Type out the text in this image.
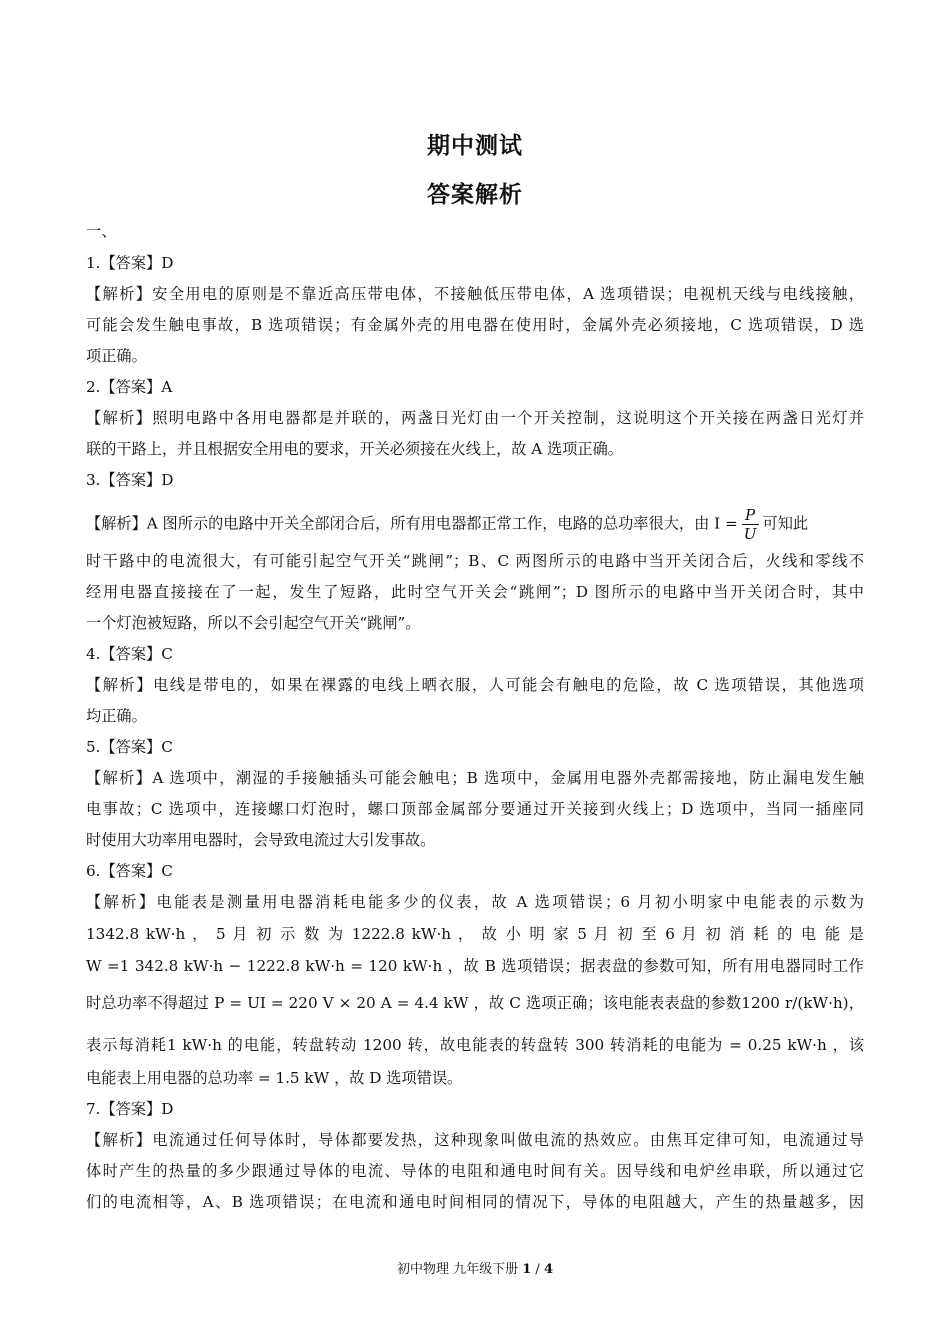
期中测试
答案解析
一、
1.【答案】D
【解析】安全用电的原则是不靠近高压带电体，不接触低压带电体，A 选项错误；电视机天线与电线接触，
可能会发生触电事故，B 选项错误；有金属外壳的用电器在使用时，金属外壳必须接地，C 选项错误，D 选
项正确。
2.【答案】A
【解析】照明电路中各用电器都是并联的，两盏日光灯由一个开关控制，这说明这个开关接在两盏日光灯并
联的干路上，并且根据安全用电的要求，开关必须接在火线上，故 A 选项正确。
3.【答案】D
【解析】A 图所示的电路中开关全部闭合后，所有用电器都正常工作，电路的总功率很大，由 $I = \frac{P}{U}$ 可知此
时干路中的电流很大，有可能引起空气开关“跳闸”；B、C 两图所示的电路中当开关闭合后，火线和零线不
经用电器直接接在了一起，发生了短路，此时空气开关会“跳闸”；D 图所示的电路中当开关闭合时，其中
一个灯泡被短路，所以不会引起空气开关“跳闸”。
4.【答案】C
【解析】电线是带电的，如果在裸露的电线上晒衣服，人可能会有触电的危险，故 C 选项错误，其他选项
均正确。
5.【答案】C
【解析】A 选项中，潮湿的手接触插头可能会触电；B 选项中，金属用电器外壳都需接地，防止漏电发生触
电事故；C 选项中，连接螺口灯泡时，螺口顶部金属部分要通过开关接到火线上；D 选项中，当同一插座同
时使用大功率用电器时，会导致电流过大引发事故。
6.【答案】C
【解析】电能表是测量用电器消耗电能多少的仪表，故 A 选项错误；6 月初小明家中电能表的示数为
1342.8 kW·h ， 5 月 初 示 数 为 1222.8 kW·h ， 故 小 明 家 5 月 初 至 6 月 初 消 耗 的 电 能 是
W =1 342.8 kW·h − 1222.8 kW·h = 120 kW·h ，故 B 选项错误；据表盘的参数可知，所有用电器同时工作
时总功率不得超过 P = UI = 220 V × 20 A = 4.4 kW ，故 C 选项正确；该电能表表盘的参数1200 r/(kW·h)，
表示每消耗1 kW·h 的电能，转盘转动 1200 转，故电能表的转盘转 300 转消耗的电能为 = 0.25 kW·h ，该
电能表上用电器的总功率 = 1.5 kW ，故 D 选项错误。
7.【答案】D
【解析】电流通过任何导体时，导体都要发热，这种现象叫做电流的热效应。由焦耳定律可知，电流通过导
体时产生的热量的多少跟通过导体的电流、导体的电阻和通电时间有关。因导线和电炉丝串联，所以通过它
们的电流相等，A、B 选项错误；在电流和通电时间相同的情况下，导体的电阻越大，产生的热量越多，因
初中物理 九年级下册 1 / 4
